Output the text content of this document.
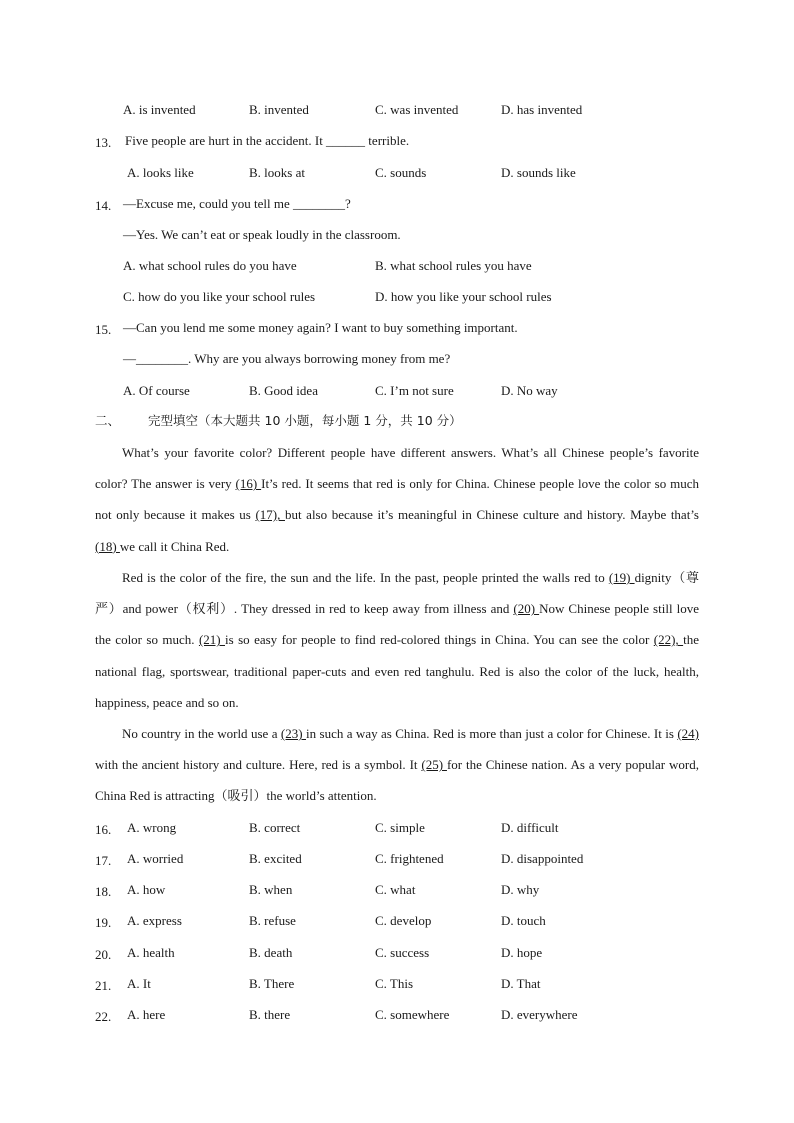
A. is invented	B. invented	C. was invented	D. has invented
13. Five people are hurt in the accident. It ______ terrible.
A. looks like	B. looks at	C. sounds	D. sounds like
14. —Excuse me, could you tell me ________?
—Yes. We can’t eat or speak loudly in the classroom.
A. what school rules do you have	B. what school rules you have
C. how do you like your school rules	D. how you like your school rules
15. —Can you lend me some money again? I want to buy something important.
—________. Why are you always borrowing money from me?
A. Of course	B. Good idea	C. I’m not sure	D. No way
二、 完型填空（本大题共 10 小题，每小题 1 分，共 10 分）
What’s your favorite color? Different people have different answers. What’s all Chinese people’s favorite color? The answer is very (16) It’s red. It seems that red is only for China. Chinese people love the color so much not only because it makes us (17), but also because it’s meaningful in Chinese culture and history. Maybe that’s (18) we call it China Red.
Red is the color of the fire, the sun and the life. In the past, people printed the walls red to (19) dignity（尊严）and power（权利）. They dressed in red to keep away from illness and (20) Now Chinese people still love the color so much. (21) is so easy for people to find red-colored things in China. You can see the color (22), the national flag, sportswear, traditional paper-cuts and even red tanghulu. Red is also the color of the luck, health, happiness, peace and so on.
No country in the world use a (23) in such a way as China. Red is more than just a color for Chinese. It is (24) with the ancient history and culture. Here, red is a symbol. It (25) for the Chinese nation. As a very popular word, China Red is attracting（吸引）the world’s attention.
16. A. wrong	B. correct	C. simple	D. difficult
17. A. worried	B. excited	C. frightened	D. disappointed
18. A. how	B. when	C. what	D. why
19. A. express	B. refuse	C. develop	D. touch
20. A. health	B. death	C. success	D. hope
21. A. It	B. There	C. This	D. That
22. A. here	B. there	C. somewhere	D. everywhere
